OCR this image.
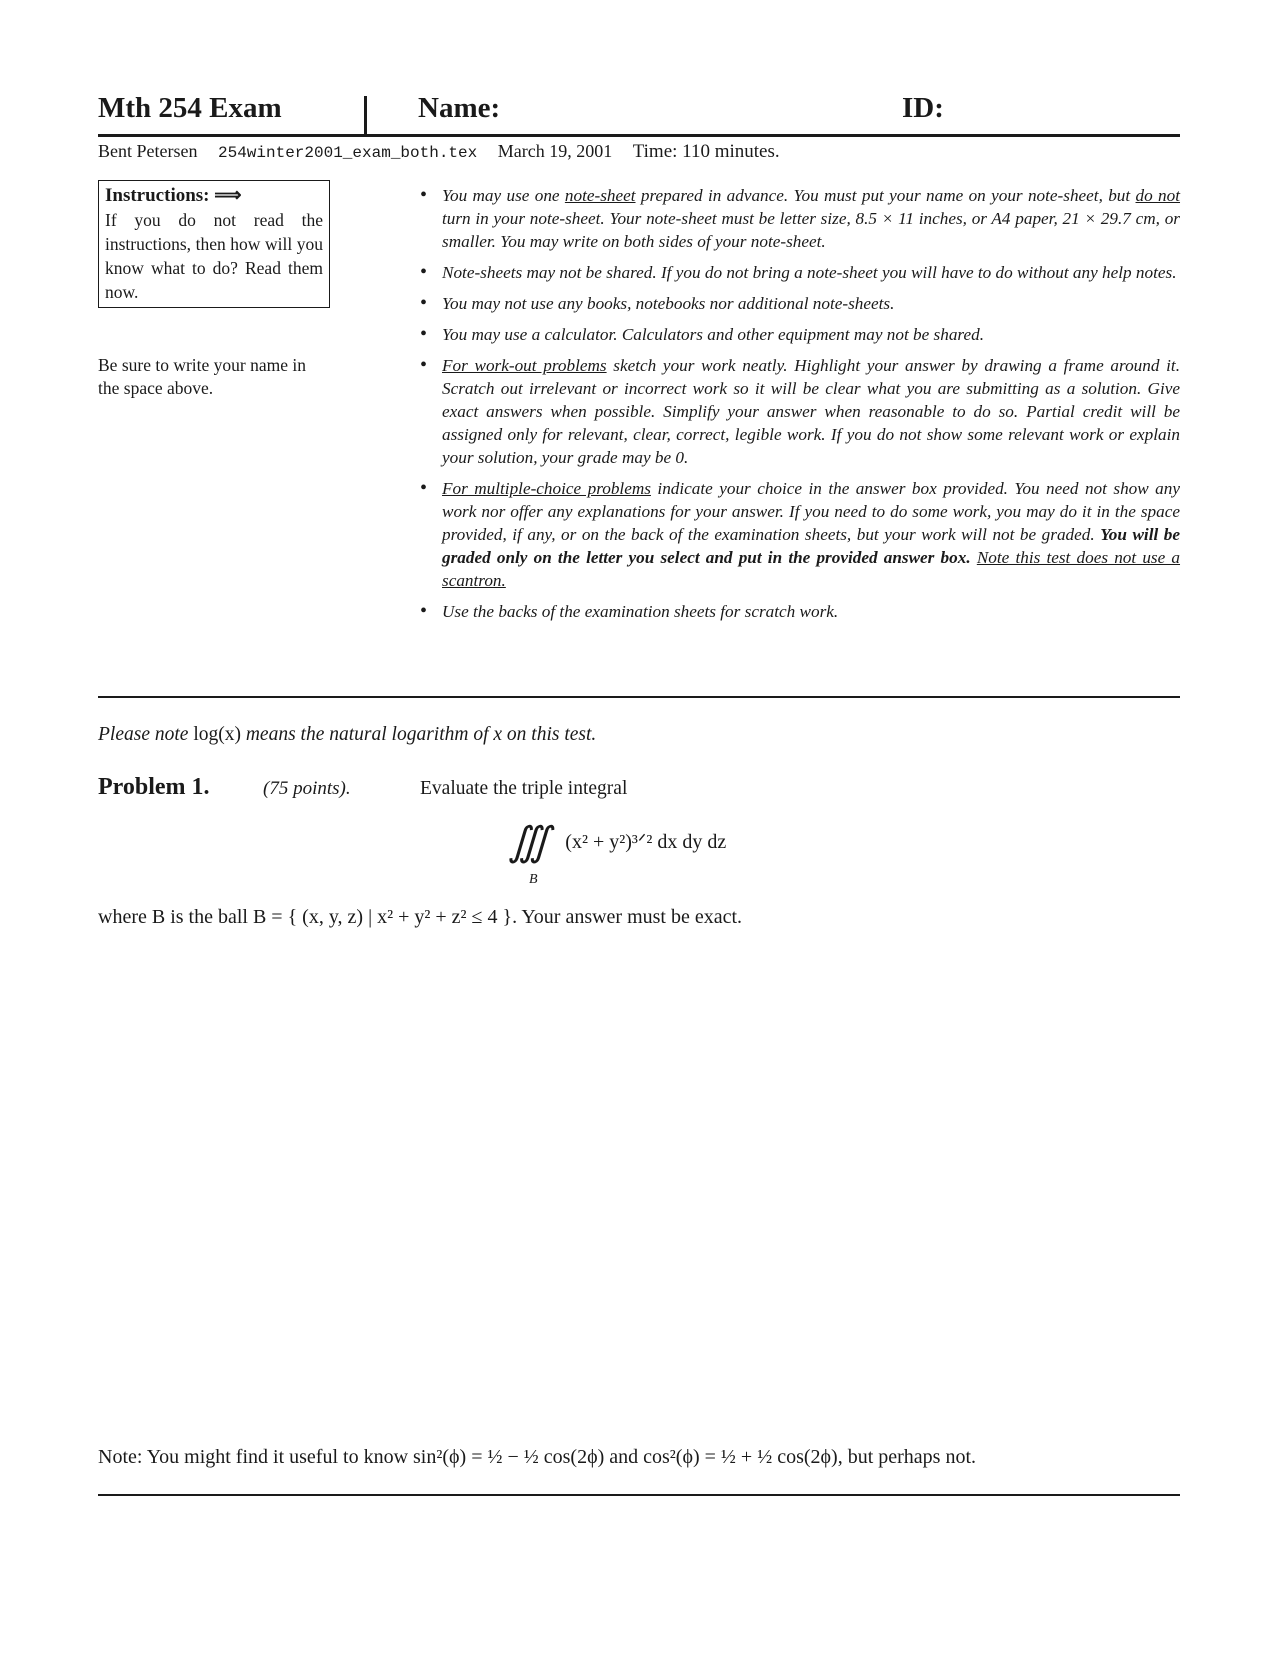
Mth 254 Exam	Name:	ID:
Bent Petersen 254winter2001_exam_both.tex March 19, 2001 Time: 110 minutes.
Instructions: ⟹
If you do not read the instructions, then how will you know what to do? Read them now.
Be sure to write your name in the space above.
• You may use one note-sheet prepared in advance. You must put your name on your note-sheet, but do not turn in your note-sheet. Your note-sheet must be letter size, 8.5 × 11 inches, or A4 paper, 21 × 29.7 cm, or smaller. You may write on both sides of your note-sheet.
• Note-sheets may not be shared. If you do not bring a note-sheet you will have to do without any help notes.
• You may not use any books, notebooks nor additional note-sheets.
• You may use a calculator. Calculators and other equipment may not be shared.
• For work-out problems sketch your work neatly. Highlight your answer by drawing a frame around it. Scratch out irrelevant or incorrect work so it will be clear what you are submitting as a solution. Give exact answers when possible. Simplify your answer when reasonable to do so. Partial credit will be assigned only for relevant, clear, correct, legible work. If you do not show some relevant work or explain your solution, your grade may be 0.
• For multiple-choice problems indicate your choice in the answer box provided. You need not show any work nor offer any explanations for your answer. If you need to do some work, you may do it in the space provided, if any, or on the back of the examination sheets, but your work will not be graded. You will be graded only on the letter you select and put in the provided answer box. Note this test does not use a scantron.
• Use the backs of the examination sheets for scratch work.
Please note log(x) means the natural logarithm of x on this test.
Problem 1.	(75 points).	Evaluate the triple integral
∭
B
(x² + y²)³ᐟ² dx dy dz
where B is the ball B = { (x, y, z) | x² + y² + z² ≤ 4 }. Your answer must be exact.
Note: You might find it useful to know sin²(ϕ) = ½ − ½ cos(2ϕ) and cos²(ϕ) = ½ + ½ cos(2ϕ), but perhaps not.
